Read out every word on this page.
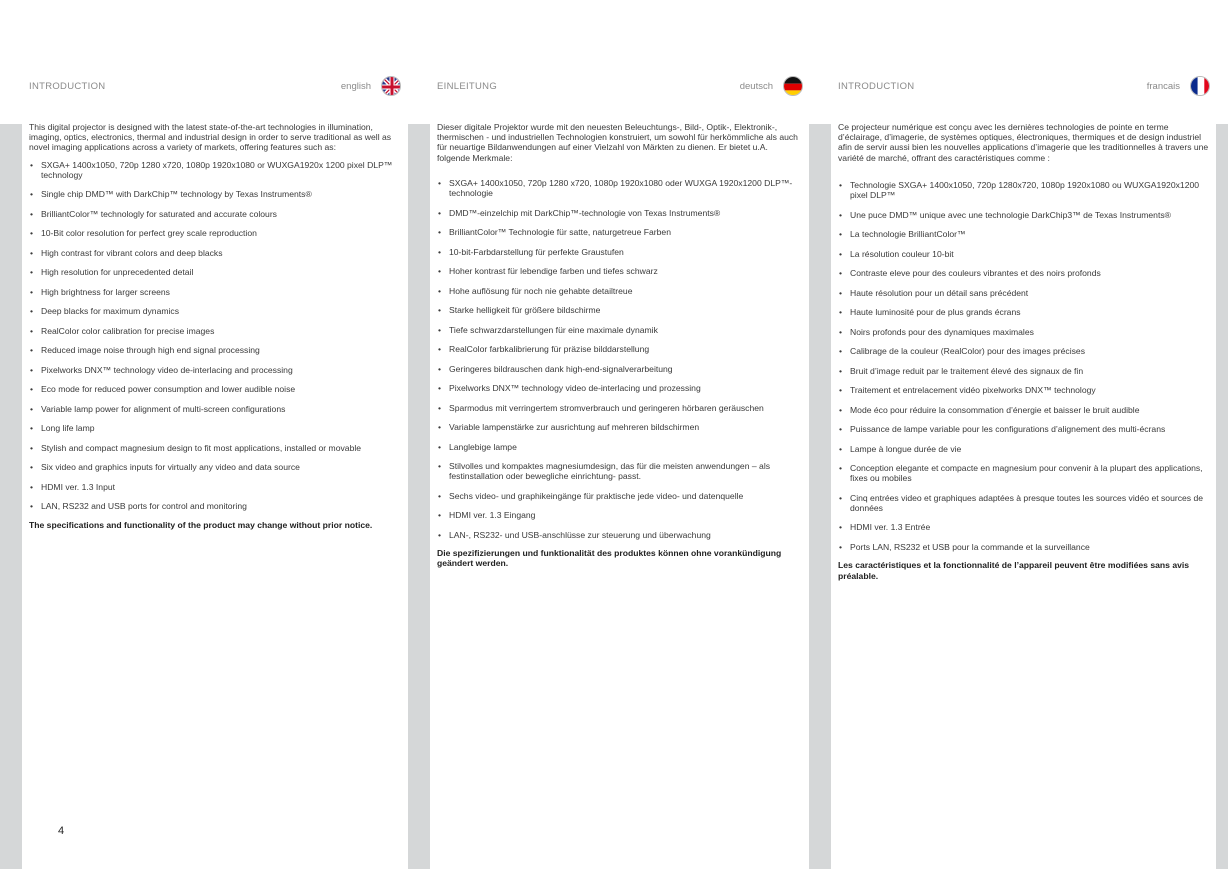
INTRODUCTION	english

This digital projector is designed with the latest state-of-the-art technologies in illumination, imaging, optics, electronics, thermal and industrial design in order to serve traditional as well as novel imaging applications across a variety of markets, offering features such as:

• SXGA+ 1400x1050, 720p 1280 x720, 1080p 1920x1080 or WUXGA1920x 1200 pixel DLP™ technology
• Single chip DMD™ with DarkChip™ technology by Texas Instruments®
• BrilliantColor™ technologly for saturated and accurate colours
• 10-Bit color resolution for perfect grey scale reproduction
• High contrast for vibrant colors and deep blacks
• High resolution for unprecedented detail
• High brightness for larger screens
• Deep blacks for maximum dynamics
• RealColor color calibration for precise images
• Reduced image noise through high end signal processing
• Pixelworks DNX™ technology video de-interlacing and processing
• Eco mode for reduced power consumption and lower audible noise
• Variable lamp power for alignment of multi-screen configurations
• Long life lamp
• Stylish and compact magnesium design to fit most applications, installed or movable
• Six video and graphics inputs for virtually any video and data source
• HDMI ver. 1.3 Input
• LAN, RS232 and USB ports for control and monitoring

The specifications and functionality of the product may change without prior notice.

EINLEITUNG	deutsch

Dieser digitale Projektor wurde mit den neuesten Beleuchtungs-, Bild-, Optik-, Elektronik-, thermischen - und industriellen Technologien konstruiert, um sowohl für herkömmliche als auch für neuartige Bildanwendungen auf einer Vielzahl von Märkten zu dienen. Er bietet u.A. folgende Merkmale:

• SXGA+ 1400x1050, 720p 1280 x720, 1080p 1920x1080 oder WUXGA 1920x1200 DLP™-technologie
• DMD™-einzelchip mit DarkChip™-technologie von Texas Instruments®
• BrilliantColor™ Technologie für satte, naturgetreue Farben
• 10-bit-Farbdarstellung für perfekte Graustufen
• Hoher kontrast für lebendige farben und tiefes schwarz
• Hohe auflösung für noch nie gehabte detailtreue
• Starke helligkeit für größere bildschirme
• Tiefe schwarzdarstellungen für eine maximale dynamik
• RealColor farbkalibrierung für präzise bilddarstellung
• Geringeres bildrauschen dank high-end-signalverarbeitung
• Pixelworks DNX™ technology video de-interlacing und prozessing
• Sparmodus mit verringertem stromverbrauch und geringeren hörbaren geräuschen
• Variable lampenstärke zur ausrichtung auf mehreren bildschirmen
• Langlebige lampe
• Stilvolles und kompaktes magnesiumdesign, das für die meisten anwendungen – als festinstallation oder bewegliche einrichtung- passt.
• Sechs video- und graphikeingänge für praktische jede video- und datenquelle
• HDMI ver. 1.3 Eingang
• LAN-, RS232- und USB-anschlüsse zur steuerung und überwachung

Die spezifizierungen und funktionalität des produktes können ohne vorankündigung geändert werden.

INTRODUCTION	francais

Ce projecteur numérique est conçu avec les dernières technologies de pointe en terme d’éclairage, d’imagerie, de systèmes optiques, électroniques, thermiques et de design industriel afin de servir aussi bien les nouvelles applications d’imagerie que les traditionnelles à travers une variété de marché, offrant des caractéristiques comme :

• Technologie SXGA+ 1400x1050, 720p 1280x720, 1080p 1920x1080 ou WUXGA1920x1200 pixel DLP™
• Une puce DMD™ unique avec une technologie DarkChip3™ de Texas Instruments®
• La technologie BrilliantColor™
• La résolution couleur 10-bit
• Contraste eleve pour des couleurs vibrantes et des noirs profonds
• Haute résolution pour un détail sans précédent
• Haute luminosité pour de plus grands écrans
• Noirs profonds pour des dynamiques maximales
• Calibrage de la couleur (RealColor) pour des images précises
• Bruit d’image reduit par le traitement élevé des signaux de fin
• Traitement et entrelacement vidéo pixelworks DNX™ technology
• Mode éco pour réduire la consommation d’énergie et baisser le bruit audible
• Puissance de lampe variable pour les configurations d’alignement des multi-écrans
• Lampe à longue durée de vie
• Conception elegante et compacte en magnesium pour convenir à la plupart des applications, fixes ou mobiles
• Cinq entrées video et graphiques adaptées à presque toutes les sources vidéo et sources de données
• HDMI ver. 1.3 Entrée
• Ports LAN, RS232 et USB pour la commande et la surveillance

Les caractéristiques et la fonctionnalité de l’appareil peuvent être modifiées sans avis préalable.

4
